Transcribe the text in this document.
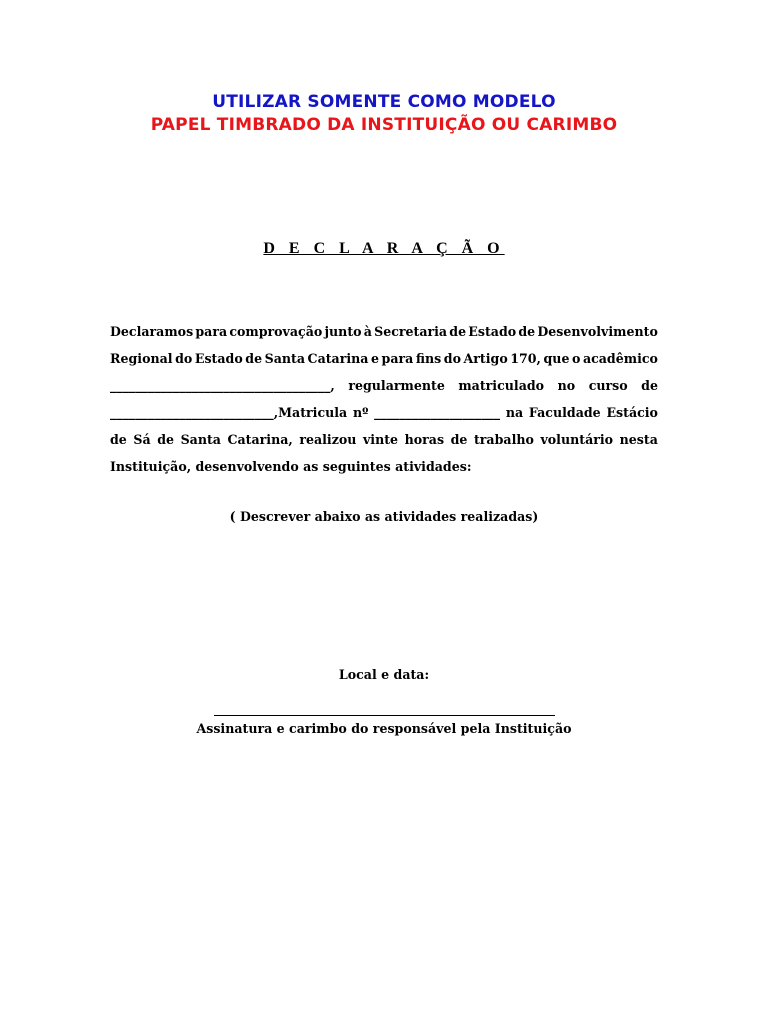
UTILIZAR SOMENTE COMO MODELO
PAPEL TIMBRADO DA INSTITUIÇÃO OU CARIMBO
D E C L A R A Ç Ã O
Declaramos para comprovação junto à Secretaria de Estado de Desenvolvimento
Regional do Estado de Santa Catarina e para fins do Artigo 170, que o acadêmico
___________________________________, regularmente matriculado no curso de
__________________________,Matricula nº ____________________ na Faculdade Estácio
de Sá de Santa Catarina, realizou vinte horas de trabalho voluntário nesta
Instituição, desenvolvendo as seguintes atividades:
( Descrever abaixo as atividades realizadas)
Local e data:
Assinatura e carimbo do responsável pela Instituição
